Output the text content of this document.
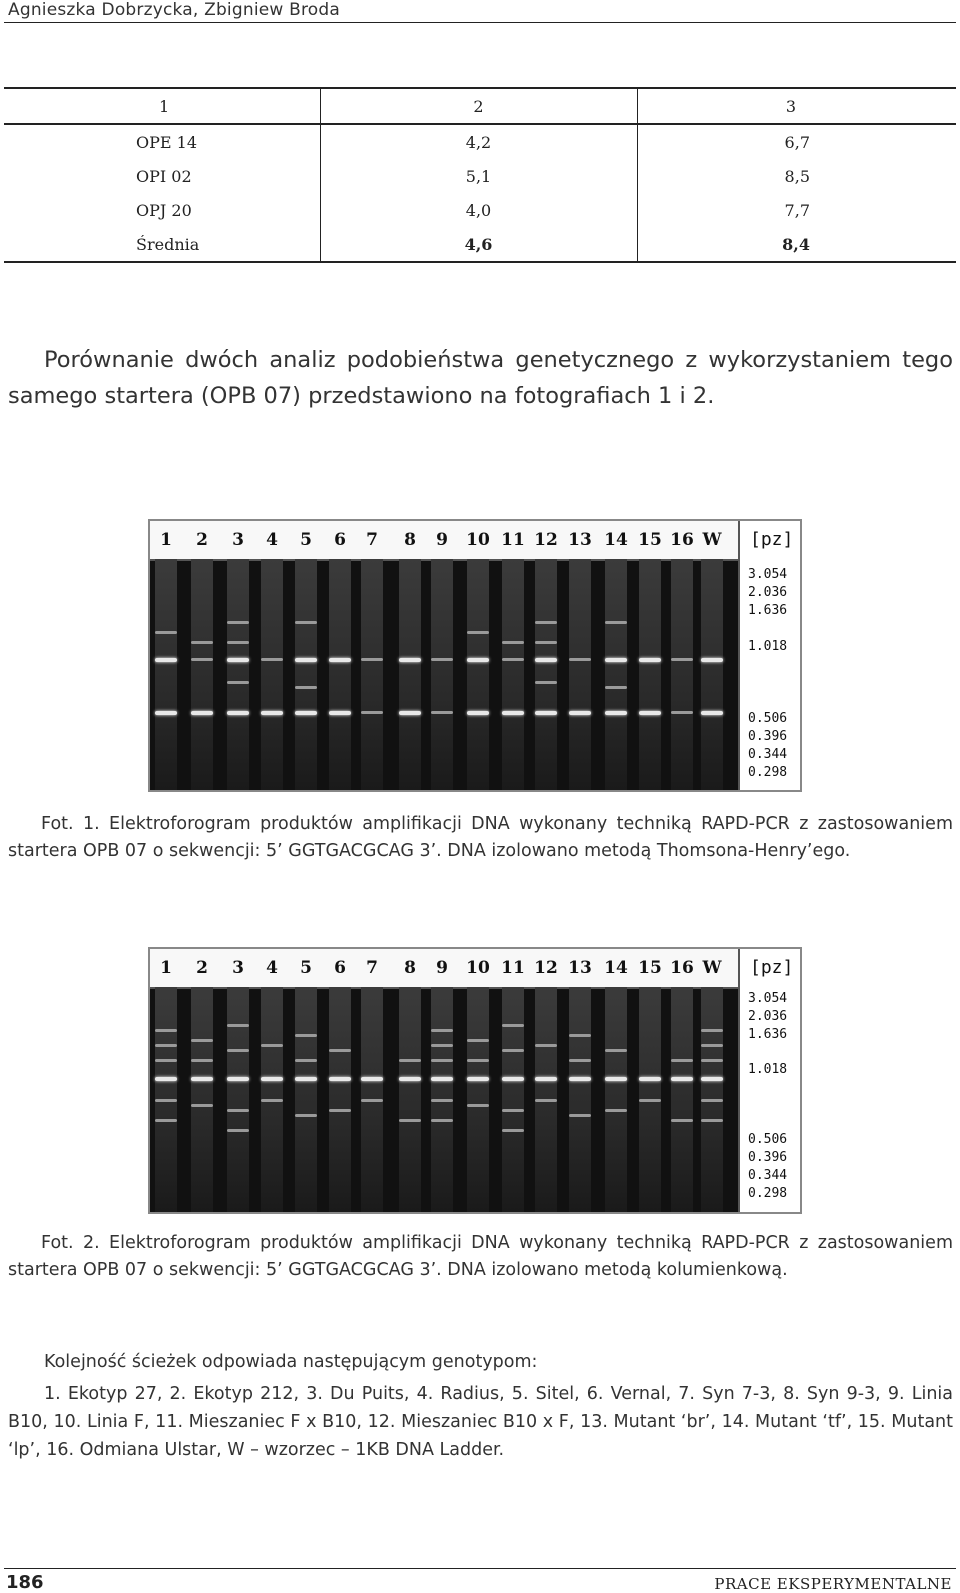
Agnieszka Dobrzycka, Zbigniew Broda
1	2	3
OPE 14	4,2	6,7
OPI 02	5,1	8,5
OPJ 20	4,0	7,7
Średnia	4,6	8,4
Porównanie dwóch analiz podobieństwa genetycznego z wykorzystaniem tego samego startera (OPB 07) przedstawiono na fotografiach 1 i 2.
1 2 3 4 5 6 7 8 9 10 11 12 13 14 15 16 W [pz]
3.054
2.036
1.636
1.018
0.506
0.396
0.344
0.298
Fot. 1. Elektroforogram produktów amplifikacji DNA wykonany techniką RAPD-PCR z zastosowaniem startera OPB 07 o sekwencji: 5’ GGTGACGCAG 3’. DNA izolowano metodą Thomsona-Henry’ego.
1 2 3 4 5 6 7 8 9 10 11 12 13 14 15 16 W [pz]
3.054
2.036
1.636
1.018
0.506
0.396
0.344
0.298
Fot. 2. Elektroforogram produktów amplifikacji DNA wykonany techniką RAPD-PCR z zastosowaniem startera OPB 07 o sekwencji: 5’ GGTGACGCAG 3’. DNA izolowano metodą kolumienkową.
Kolejność ścieżek odpowiada następującym genotypom:
1. Ekotyp 27, 2. Ekotyp 212, 3. Du Puits, 4. Radius, 5. Sitel, 6. Vernal, 7. Syn 7-3, 8. Syn 9-3, 9. Linia B10, 10. Linia F, 11. Mieszaniec F x B10, 12. Mieszaniec B10 x F, 13. Mutant ‘br’, 14. Mutant ‘tf’, 15. Mutant ‘lp’, 16. Odmiana Ulstar, W – wzorzec – 1KB DNA Ladder.
186	PRACE EKSPERYMENTALNE
